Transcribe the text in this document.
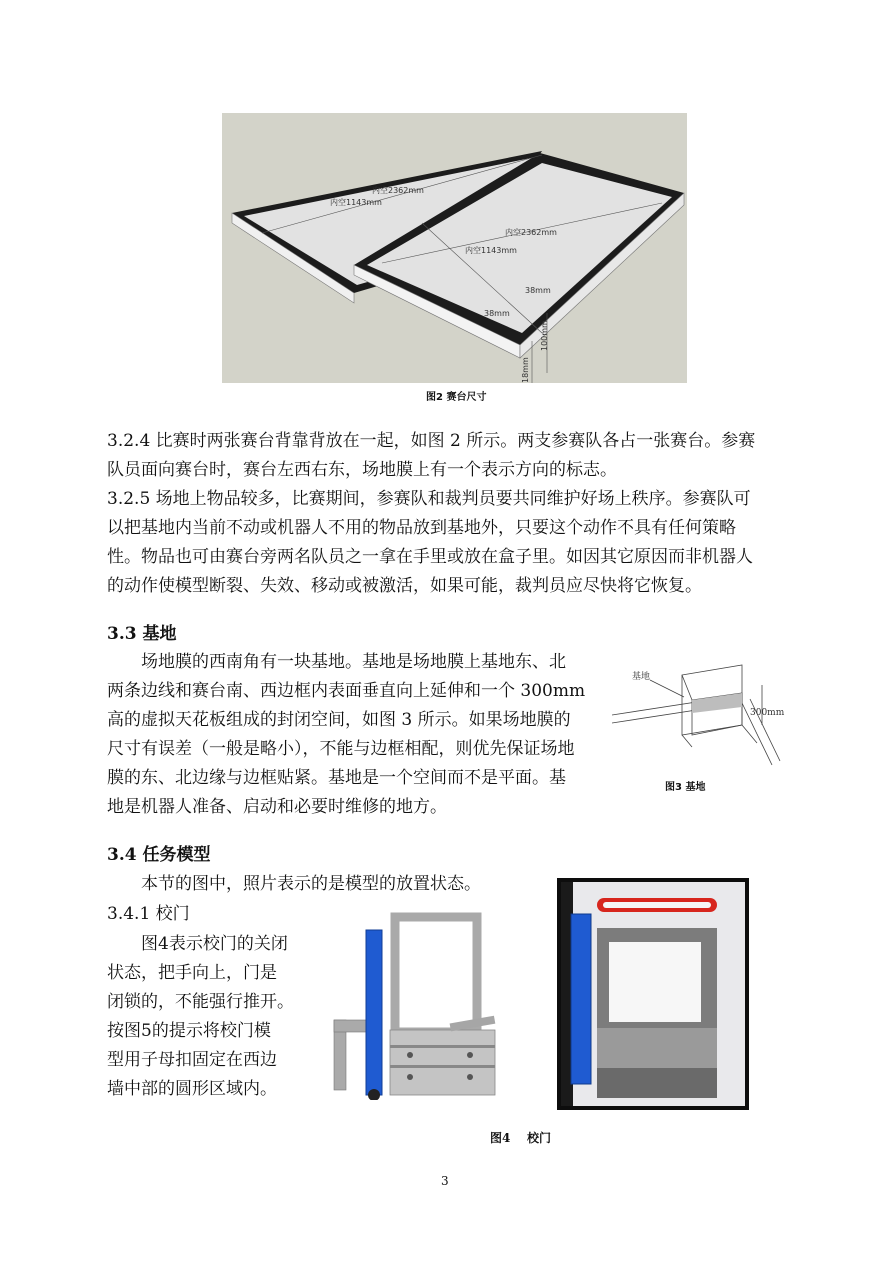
内空2362mm
内空1143mm
内空2362mm
内空1143mm
38mm
38mm
100mm
18mm
图2 赛台尺寸
3.2.4 比赛时两张赛台背靠背放在一起，如图 2 所示。两支参赛队各占一张赛台。参赛
队员面向赛台时，赛台左西右东，场地膜上有一个表示方向的标志。
3.2.5 场地上物品较多，比赛期间，参赛队和裁判员要共同维护好场上秩序。参赛队可
以把基地内当前不动或机器人不用的物品放到基地外，只要这个动作不具有任何策略
性。物品也可由赛台旁两名队员之一拿在手里或放在盒子里。如因其它原因而非机器人
的动作使模型断裂、失效、移动或被激活，如果可能，裁判员应尽快将它恢复。
3.3 基地
场地膜的西南角有一块基地。基地是场地膜上基地东、北
两条边线和赛台南、西边框内表面垂直向上延伸和一个 300mm
高的虚拟天花板组成的封闭空间，如图 3 所示。如果场地膜的
尺寸有误差（一般是略小），不能与边框相配，则优先保证场地
膜的东、北边缘与边框贴紧。基地是一个空间而不是平面。基
地是机器人准备、启动和必要时维修的地方。
基地
300mm
图3 基地
3.4 任务模型
本节的图中，照片表示的是模型的放置状态。
3.4.1 校门
图4表示校门的关闭
状态，把手向上，门是
闭锁的，不能强行推开。
按图5的提示将校门模
型用子母扣固定在西边
墙中部的圆形区域内。
图4    校门
3
